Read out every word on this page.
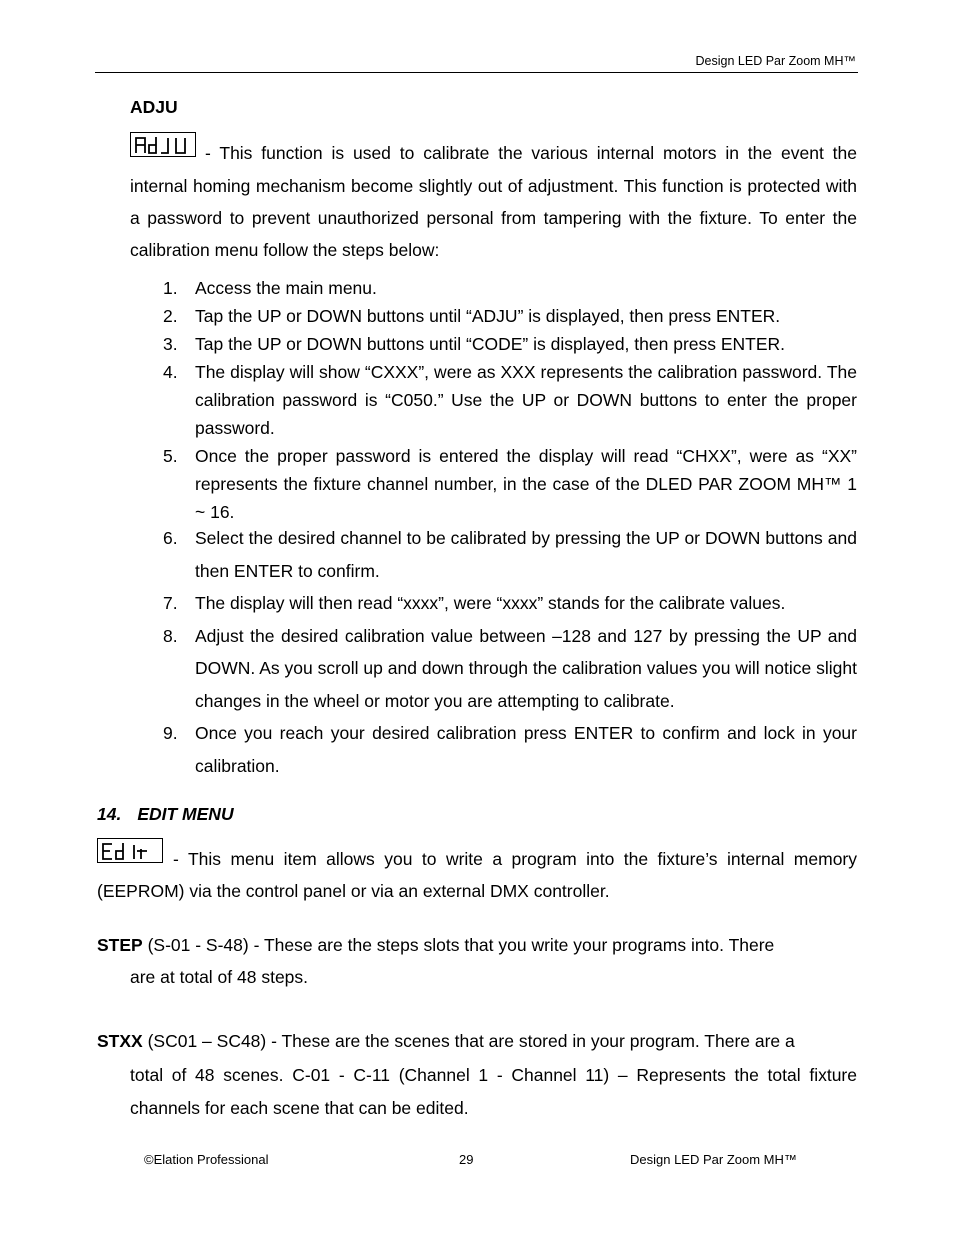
Design LED Par Zoom MH™
ADJU
- This function is used to calibrate the various internal motors in the event the
internal homing mechanism become slightly out of adjustment. This function is protected with a password to prevent unauthorized personal from tampering with the fixture. To enter the calibration menu follow the steps below:
1. Access the main menu.
2. Tap the UP or DOWN buttons until “ADJU” is displayed, then press ENTER.
3. Tap the UP or DOWN buttons until “CODE” is displayed, then press ENTER.
4. The display will show “CXXX”, were as XXX represents the calibration password. The calibration password is “C050.” Use the UP or DOWN buttons to enter the proper password.
5. Once the proper password is entered the display will read “CHXX”, were as “XX” represents the fixture channel number, in the case of the DLED PAR ZOOM MH™ 1 ~ 16.
6. Select the desired channel to be calibrated by pressing the UP or DOWN buttons and then ENTER to confirm.
7. The display will then read “xxxx”, were “xxxx” stands for the calibrate values.
8. Adjust the desired calibration value between –128 and 127 by pressing the UP and DOWN. As you scroll up and down through the calibration values you will notice slight changes in the wheel or motor you are attempting to calibrate.
9. Once you reach your desired calibration press ENTER to confirm and lock in your calibration.
14. EDIT MENU
- This menu item allows you to write a program into the fixture’s internal memory
(EEPROM) via the control panel or via an external DMX controller.
STEP (S-01 - S-48) - These are the steps slots that you write your programs into. There
are at total of 48 steps.
STXX (SC01 – SC48) - These are the scenes that are stored in your program. There are a
total of 48 scenes. C-01 - C-11 (Channel 1 - Channel 11) – Represents the total fixture channels for each scene that can be edited.
©Elation Professional	29	Design LED Par Zoom MH™
